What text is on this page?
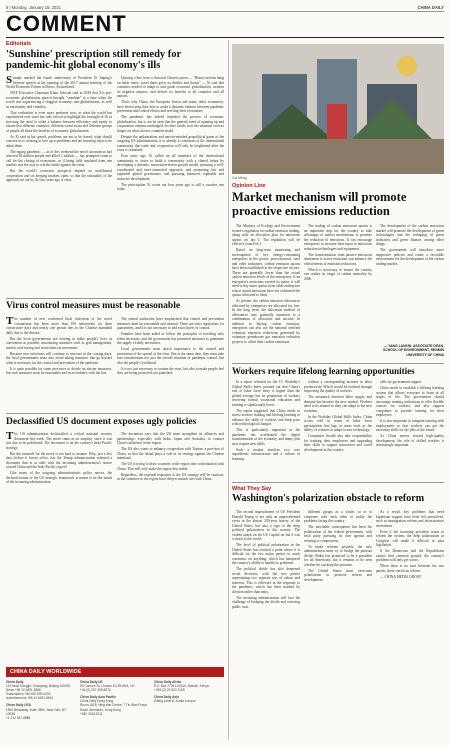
8 | Monday, January 18, 2021	CHINA DAILY
COMMENT
Editorials
'Sunshine' prescription still remedy for pandemic-hit global economy's ills

Sunday marked the fourth anniversary of President Xi Jinping's keynote speech at the opening of the 2017 annual meeting of the World Economic Forum in Davos, Switzerland.

WEF Executive Chairman Klaus Schwab said in 2018 that Xi's pro-economic globalization speech brought "sunshine" at a time when the world was experiencing a sluggish economy, anti-globalization, as well as uncertainty and volatility.

That evaluation is even more pertinent now, as what the world has experienced ever since has only served to highlight the foresight of Xi in stressing the need to strike a balance between efficiency and equity to ensure that different countries, different social strata and different groups of people all share the benefits of economic globalization.

As Xi said in his speech, problems are not to be feared, what should concern us is refusing to face up to problems and not knowing what to do about them.

The raging pandemic — as of this weekend the novel coronavirus had infected 94 million people and killed 2 million — has prompted some to call for the closing of economies, as if being fully insulated from one another was the way to win the battle against the virus.

But the world's economic prospects depend on multilateral cooperation and on keeping markets open, so that the rationality of the approach set out by Xi four years ago is clear.

Quoting a line from a classical Chinese poem — "Honey melons hang on bitter vines; sweet dates grow on thistles and thorns" — Xi said that countries needed to adapt to and guide economic globalization, cushion its negative impacts, and deliver its benefits to all countries and all nations.

That's why China, the European Union and many other economies, have been trying their best to strike a dynamic balance between pandemic prevention and control efforts and reviving their economies.

The pandemic has indeed impeded the process of economic globalization, but it can be seen that the general trend of opening-up and cooperation remains unchanged. In other words, how the situation evolves hinges on what choices countries make.

Despite the unilateralism and narrow-minded geopolitical game of the outgoing US administration, it is already a consensus of the international community that trade and cooperation will only be heightened after the virus is contained.

Four years ago, Xi called on all members of the international community to strive to build a community with a shared future by developing a dynamic, innovation-driven growth model, pursuing a well-coordinated and inter-connected approach, and promoting fair and equitable global governance, and pursuing balanced, equitable and inclusive development.

The prescription Xi wrote out four years ago is still a curative one today.

Virus control measures must be reasonable

The number of new confirmed local infections of the novel coronavirus has been more than 100 nationwide for three consecutive days and nearly one person dies in the Chinese mainland daily due to the disease.

But the local governments are striving to make people's lives as convenient as possible, introducing measures such as grid management, nucleic acid testing and restrictions on movement.

Because new infections will continue to increase in the coming days, the local governments must also avoid taking measures that go beyond what is necessary for the control and prevention of the epidemic.

It is quite possible for some provinces to decide on stricter measures, but such measures must be reasonable and in accordance with the law.

The central authorities have emphasized that control and prevention measures must be reasonable and rational. There are strict regulations for quarantines, and it is not necessary to add extra layers of control.

Families have been asked to follow the principles of traveling only when necessary, and the government has promised measures to guarantee the supply of daily necessities.

Local governments must attach importance to the control and prevention of the spread of the virus. But at the same time, they must take into consideration not just the overall situation of pandemic control, but also the people's livelihood.

It is not just necessary to contain the virus, but also to make people feel they are being protected, not punished.

Declassified US document exposes ugly policies

The US administration declassified a critical national security document last week. The move came as no surprise, since it was just due to be publicized. The document is on the country's Indo-Pacific strategy.

But the rationale for the move is not hard to assume. Why, just a few days before it leaves office, has the Trump administration released a document that is at odds with the incoming administration's stance toward China and the Indo-Pacific region?

Like many of the outgoing administration's policy moves, the declassification of the US strategic framework is meant to tie the hands of the incoming administration.

The document says that the US must strengthen its alliances and partnerships, especially with India, Japan and Australia, to counter China's influence in the region.

The US also wants to enhance cooperation with Taiwan, a province of China, so that the island plays a role in its strategy against the Chinese mainland.

The US is trying to draw countries in the region into confrontation with China. That will only make the region less stable.

Regardless, the regional responses to the US strategy will be cautious, as the countries in the region have deep economic ties with China.

CHINA DAILY WORLDWIDE
China Daily
15 Huixin Dongjie, Chaoyang, Beijing 100029
News +86 10 6491-8366
Subscription +86 400 699-0203
Advertisement +86 10 6491-8631
China Daily USA
1500 Broadway, Suite 2800, New York, NY 10036
+1 212 537-8888
China Daily UK
90 Cannon St, London EC4N 6HA, UK
+44 (0) 207 398-8270
China Daily Asia Pacific
China Daily Hong Kong
Room 1818, Hing Wai Centre, 7 Tin Wan Praya Road, Aberdeen, Hong Kong
+852 2518 5111
China Daily Africa
P.O. Box 27281-00100, Nairobi, Kenya
+254 (0) 20 522-2155
China Daily Asia
Sitting Level 6, Kuala Lumpur
Cai Meng
Opinion Line
Market mechanism will promote proactive emissions reduction

The Ministry of Ecology and Environment issued a regulation on carbon emission trading, along with an allocation plan for emissions quotas on Jan 5. The regulation will be effective from Feb 1.

Based on long-term monitoring and investigation of key energy-consuming enterprises in the power, petrochemical, steel and other industries, carbon emission quotas have been established in the respective sectors. These are generally lower than the actual carbon emission levels of the enterprises. If an enterprise's emissions exceed its quota, it will need to buy more quotas from other enterprises whose actual emissions have not exhausted the quotas allocated to them.

At present, the carbon emission allowances allocated by enterprises are allocated for free. In the long term, the allocation method of allowances may gradually transition to a combination of allocation and auction. In addition to buying carbon emission, enterprises can also use the national certified voluntary emission reductions generated by voluntary greenhouse gas emission reduction projects to offset their carbon emissions.

The trading of carbon emissions quotas is an important step for the country to take advantage of market mechanisms to promote the reduction of emissions. It can encourage enterprises to increase their input in emissions reduction technologies and equipment.

The transformation from passive emissions abatement to active emissions can enhance the effectiveness of emission reductions.

Which is necessary to ensure the country can realize its target of carbon neutrality by 2060.

The development of the carbon emissions market will promote the development of green technologies and the reshaping of green industries and green finance, among other things.

The government will introduce more supportive policies and create a favorable environment for the development of the carbon trading market.

— YANG LANXIN, ASSOCIATE DEAN,
SCHOOL OF ENVIRONMENT, RENMIN UNIVERSITY OF CHINA
Workers require lifelong learning opportunities

In a report released on Jan 15, Workday's Global Skills Index pointed out that China's rate of labor force entry is higher than the global average but its proportion of workers receiving formal vocational education and training is significantly lower.

The report suggested that China needs to invest in more training and lifelong learning to enhance the skills of workers and keep pace with technological changes.

This is particularly important as the pandemic has accelerated the digital transformation of the economy, and many jobs now require new skills.

Such a market involves two core ingredients: infrastructure and a culture of learning.

without a corresponding increase in labor productivity. Which would be realized through improving the quality of workers.

The mismatch between labor supply and demand has become the new normal. Workers need to be trained so they can adapt to the new economy.

In the Workday Global Skills Index, China scores well in terms of labor force participation but lags in areas such as the ability of workers to adapt to new technology.

Companies should also take responsibility for training their employees and upgrading their skills to support innovation and social development in the country.

calls for government support.

China needs to establish a lifelong learning system that allows everyone to learn in all stages of life. The government should encourage training institutions to offer flexible courses for workers, and also support companies to provide training for their employees.

It is also important to integrate training with employment so that workers can get the necessary skills for the jobs of the future.

As China moves toward high-quality development, the role of skilled workers is increasingly important.

What They Say
Washington's polarization obstacle to reform

The second impeachment of US President Donald Trump is not only an unprecedented event in the almost 250-year history of the United States, but also a sign of the deep political polarization in the country. The violent attack on the US Capitol on Jan 6 was a shock to the world.

The level of political polarization in the United States has reached a point where it is difficult for the two major parties to reach consensus on anything, which has hampered the country's ability to handle its problems.

The political divide has also deepened social divisions, with the two parties representing two separate sets of values and interests. This is reflected in the response to the pandemic, which has been marked by division rather than unity.

The incoming administration will face the challenge of bridging the divide and restoring public trust.

different groups as a whole, so as to cooperate with each other to tackle the problems facing the country.

The inevitable consequence has been the polarization of the federal government, with each party pursuing its own agenda and refusing to compromise.

To make reforms possible, the new administration must try to bridge the partisan divide. Biden has promised to be a president for all Americans, but it remains to be seen whether he can keep this promise.

The United States must overcome polarization to promote reform and development.

As a result, key problems that need bipartisan support have been left unresolved, such as immigration reform and infrastructure investment.

Even if the incoming president wants to reform the system, the deep polarization in Congress will make it difficult to pass legislation.

If the Democrats and the Republicans cannot find common ground, the country's problems will only get worse.

When there is no trust between the two parties, there can be no reform.

— CHINA MEDIA GROUP
